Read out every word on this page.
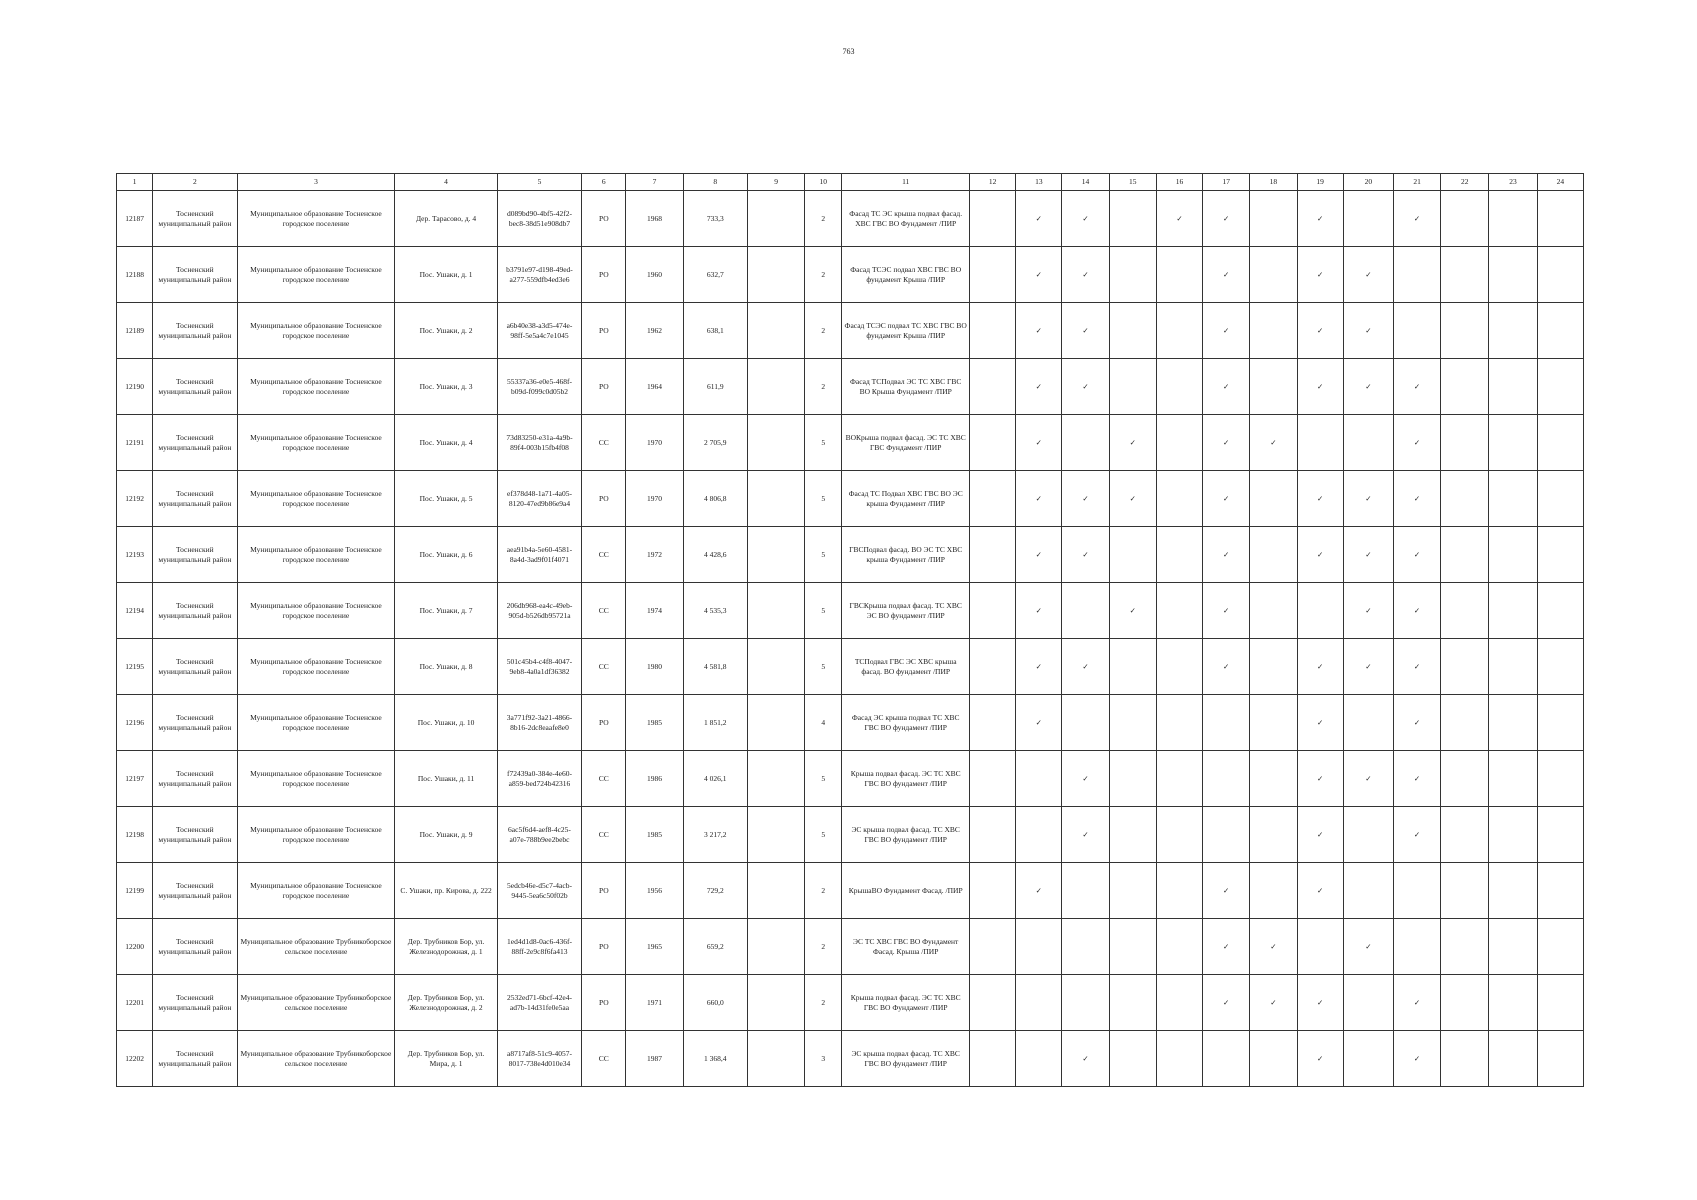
763
1	2	3	4	5	6	7	8	9	10	11	12	13	14	15	16	17	18	19	20	21	22	23	24
12187	Тосненский муниципальный район	Муниципальное образование Тосненское городское поселение	Дер. Тарасово, д. 4	d089bd90-4bf5-42f2-bec8-38d51e908db7	РО	1968	733,3		2	Фасад ТС ЭС крыша подвал фасад. ХВС ГВС ВО Фундамент /ПИР		✓	✓		✓	✓		✓		✓			
12188	Тосненский муниципальный район	Муниципальное образование Тосненское городское поселение	Пос. Ушаки, д. 1	b3791e97-d198-49ed-a277-559dfb4ed3e6	РО	1960	632,7		2	Фасад ТСЭС подвал ХВС ГВС ВО фундамент Крыша /ПИР		✓	✓			✓		✓	✓				
12189	Тосненский муниципальный район	Муниципальное образование Тосненское городское поселение	Пос. Ушаки, д. 2	a6b40e38-a3d5-474e-98ff-5e5a4c7e1045	РО	1962	638,1		2	Фасад ТСЭС подвал ТС ХВС ГВС ВО фундамент Крыша /ПИР		✓	✓			✓		✓	✓				
12190	Тосненский муниципальный район	Муниципальное образование Тосненское городское поселение	Пос. Ушаки, д. 3	55337a36-e0e5-468f-b09d-f099c0d05b2	РО	1964	611,9		2	Фасад ТСПодвал ЭС ТС ХВС ГВС ВО Крыша Фундамент /ПИР		✓	✓			✓		✓	✓	✓			
12191	Тосненский муниципальный район	Муниципальное образование Тосненское городское поселение	Пос. Ушаки, д. 4	73d83250-e31a-4a9b-89f4-003b15fb4f08	СС	1970	2 705,9		5	ВОКрыша подвал фасад. ЭС ТС ХВС ГВС Фундамент /ПИР		✓		✓		✓	✓			✓			
12192	Тосненский муниципальный район	Муниципальное образование Тосненское городское поселение	Пос. Ушаки, д. 5	ef378d48-1a71-4a05-8120-47ed9b86e9a4	РО	1970	4 806,8		5	Фасад ТС Подвал ХВС ГВС ВО ЭС крыша Фундамент /ПИР		✓	✓	✓		✓		✓	✓	✓			
12193	Тосненский муниципальный район	Муниципальное образование Тосненское городское поселение	Пос. Ушаки, д. 6	aea91b4a-5e60-4581-8a4d-3ad9f01f4071	СС	1972	4 428,6		5	ГВСПодвал фасад. ВО ЭС ТС ХВС крыша Фундамент /ПИР		✓	✓			✓		✓	✓	✓			
12194	Тосненский муниципальный район	Муниципальное образование Тосненское городское поселение	Пос. Ушаки, д. 7	206db968-ea4c-49eb-905d-b526db95721a	СС	1974	4 535,3		5	ГВСКрыша подвал фасад. ТС ХВС ЭС ВО фундамент /ПИР		✓		✓		✓			✓	✓			
12195	Тосненский муниципальный район	Муниципальное образование Тосненское городское поселение	Пос. Ушаки, д. 8	501c45b4-c4f8-4047-9eb8-4a0a1df36382	СС	1980	4 581,8		5	ТСПодвал ГВС ЭС ХВС крыша фасад. ВО фундамент /ПИР		✓	✓			✓		✓	✓	✓			
12196	Тосненский муниципальный район	Муниципальное образование Тосненское городское поселение	Пос. Ушаки, д. 10	3a771f92-3a21-4866-8b16-2dc8eaafe8e0	РО	1985	1 851,2		4	Фасад ЭС крыша подвал ТС ХВС ГВС ВО фундамент /ПИР		✓						✓		✓			
12197	Тосненский муниципальный район	Муниципальное образование Тосненское городское поселение	Пос. Ушаки, д. 11	f72439a0-384e-4e60-a859-bed724b42316	СС	1986	4 026,1		5	Крыша подвал фасад. ЭС ТС ХВС ГВС ВО фундамент /ПИР			✓					✓	✓	✓			
12198	Тосненский муниципальный район	Муниципальное образование Тосненское городское поселение	Пос. Ушаки, д. 9	6ac5f6d4-aef8-4c25-a07e-788b9ee2bebc	СС	1985	3 217,2		5	ЭС крыша подвал фасад. ТС ХВС ГВС ВО фундамент /ПИР			✓					✓		✓			
12199	Тосненский муниципальный район	Муниципальное образование Тосненское городское поселение	С. Ушаки, пр. Кирова, д. 222	5edcb46e-d5c7-4acb-9445-5ea6c50f02b	РО	1956	729,2		2	КрышаВО Фундамент Фасад. /ПИР		✓				✓		✓					
12200	Тосненский муниципальный район	Муниципальное образование Трубникоборское сельское поселение	Дер. Трубников Бор, ул. Железнодорожная, д. 1	1ed4d1d8-0ac6-436f-88ff-2e9c8f6fa413	РО	1965	659,2		2	ЭС ТС ХВС ГВС ВО Фундамент Фасад. Крыша /ПИР						✓	✓		✓				
12201	Тосненский муниципальный район	Муниципальное образование Трубникоборское сельское поселение	Дер. Трубников Бор, ул. Железнодорожная, д. 2	2532ed71-6bcf-42e4-ad7b-14d31fe0e5aa	РО	1971	660,0		2	Крыша подвал фасад. ЭС ТС ХВС ГВС ВО Фундамент /ПИР						✓	✓	✓		✓			
12202	Тосненский муниципальный район	Муниципальное образование Трубникоборское сельское поселение	Дер. Трубников Бор, ул. Мира, д. 1	a8717af8-51c9-4057-8017-738e4d010e34	СС	1987	1 368,4		3	ЭС крыша подвал фасад. ТС ХВС ГВС ВО фундамент /ПИР			✓					✓		✓			
